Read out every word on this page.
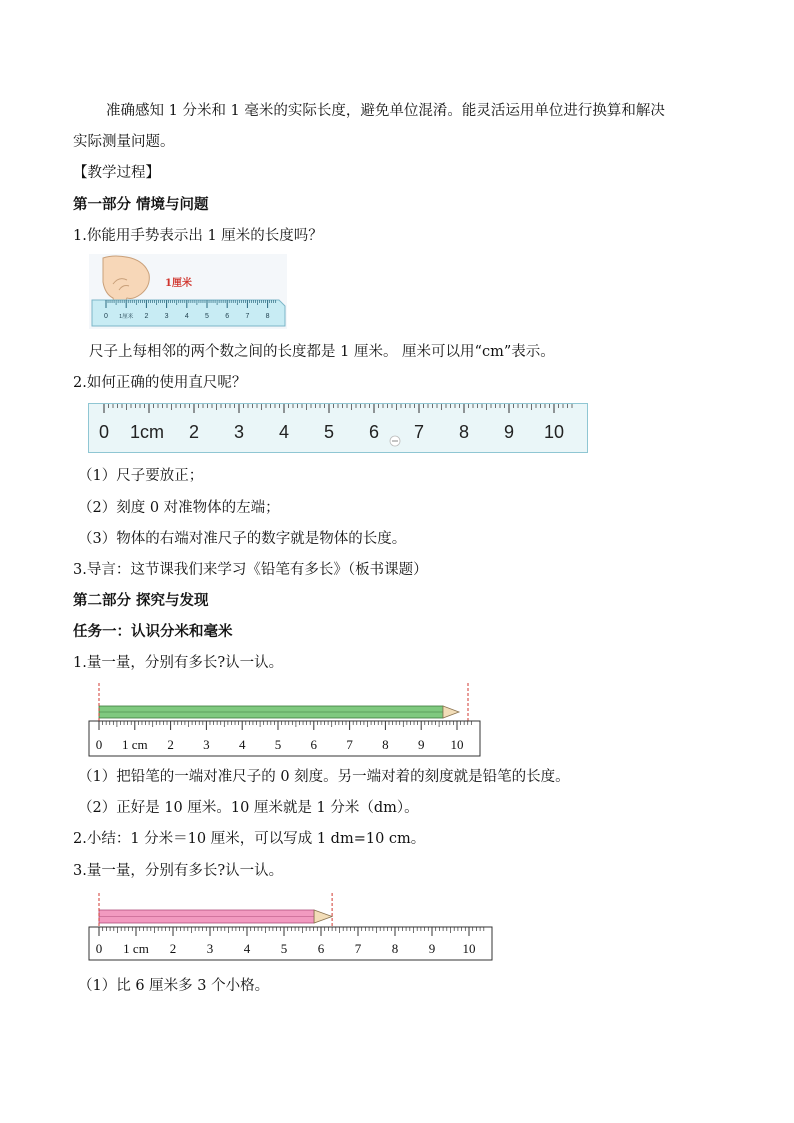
准确感知 1 分米和 1 毫米的实际长度，避免单位混淆。能灵活运用单位进行换算和解决
实际测量问题。
【教学过程】
第一部分 情境与问题
1.你能用手势表示出 1 厘米的长度吗？
1厘米
0 1厘米 2 3 4 5 6 7 8
尺子上每相邻的两个数之间的长度都是 1 厘米。 厘米可以用“cm”表示。
2.如何正确的使用直尺呢？
0 1cm 2 3 4 5 6 7 8 9 10
（1）尺子要放正；
（2）刻度 0 对准物体的左端；
（3）物体的右端对准尺子的数字就是物体的长度。
3.导言：这节课我们来学习《铅笔有多长》（板书课题）
第二部分 探究与发现
任务一：认识分米和毫米
1.量一量，分别有多长?认一认。
0 1 cm 2 3 4 5 6 7 8 9 10
（1）把铅笔的一端对准尺子的 0 刻度。另一端对着的刻度就是铅笔的长度。
（2）正好是 10 厘米。10 厘米就是 1 分米（dm）。
2.小结：1 分米＝10 厘米，可以写成 1 dm=10 cm。
3.量一量，分别有多长?认一认。
0 1 cm 2 3 4 5 6 7 8 9 10
（1）比 6 厘米多 3 个小格。
